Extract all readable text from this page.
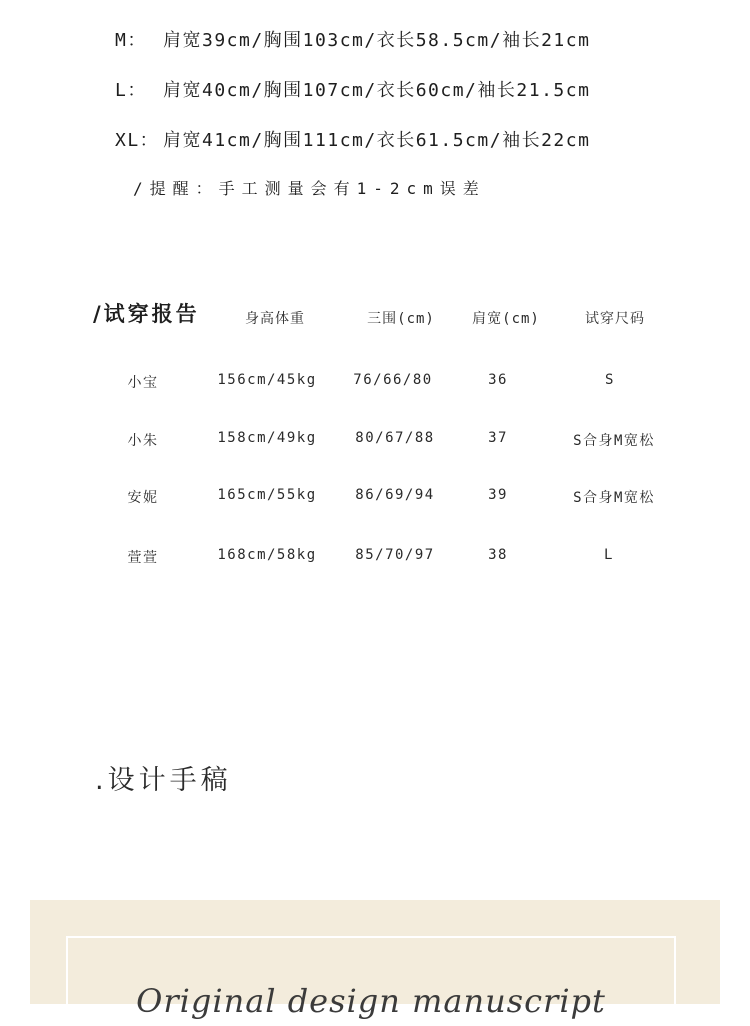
M： 肩宽39cm/胸围103cm/衣长58.5cm/袖长21cm
L： 肩宽40cm/胸围107cm/衣长60cm/袖长21.5cm
XL： 肩宽41cm/胸围111cm/衣长61.5cm/袖长22cm
/提醒：手工测量会有1-2cm误差
/试穿报告	身高体重	三围(cm)	肩宽(cm)	试穿尺码
小宝	156cm/45kg	76/66/80	36	S
小朱	158cm/49kg	80/67/88	37	S合身M宽松
安妮	165cm/55kg	86/69/94	39	S合身M宽松
萱萱	168cm/58kg	85/70/97	38	L
.设计手稿
Original design manuscript
